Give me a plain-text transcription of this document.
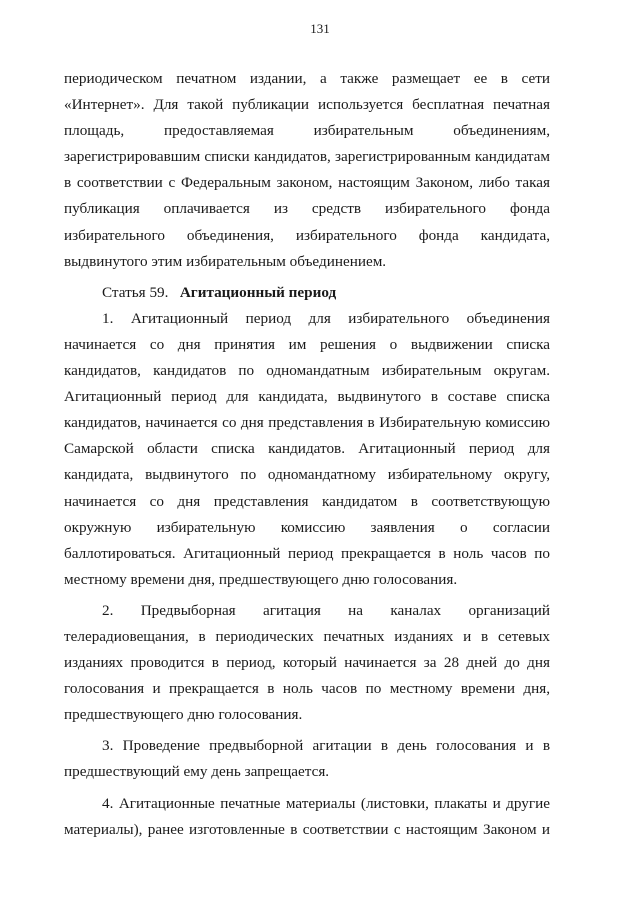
131

периодическом печатном издании, а также размещает ее в сети «Интернет». Для такой публикации используется бесплатная печатная площадь, предоставляемая избирательным объединениям, зарегистрировавшим списки кандидатов, зарегистрированным кандидатам в соответствии с Федеральным законом, настоящим Законом, либо такая публикация оплачивается из средств избирательного фонда избирательного объединения, избирательного фонда кандидата, выдвинутого этим избирательным объединением.

Статья 59. Агитационный период

1. Агитационный период для избирательного объединения начинается со дня принятия им решения о выдвижении списка кандидатов, кандидатов по одномандатным избирательным округам. Агитационный период для кандидата, выдвинутого в составе списка кандидатов, начинается со дня представления в Избирательную комиссию Самарской области списка кандидатов. Агитационный период для кандидата, выдвинутого по одномандатному избирательному округу, начинается со дня представления кандидатом в соответствующую окружную избирательную комиссию заявления о согласии баллотироваться. Агитационный период прекращается в ноль часов по местному времени дня, предшествующего дню голосования.

2. Предвыборная агитация на каналах организаций телерадиовещания, в периодических печатных изданиях и в сетевых изданиях проводится в период, который начинается за 28 дней до дня голосования и прекращается в ноль часов по местному времени дня, предшествующего дню голосования.

3. Проведение предвыборной агитации в день голосования и в предшествующий ему день запрещается.

4. Агитационные печатные материалы (листовки, плакаты и другие материалы), ранее изготовленные в соответствии с настоящим Законом и
